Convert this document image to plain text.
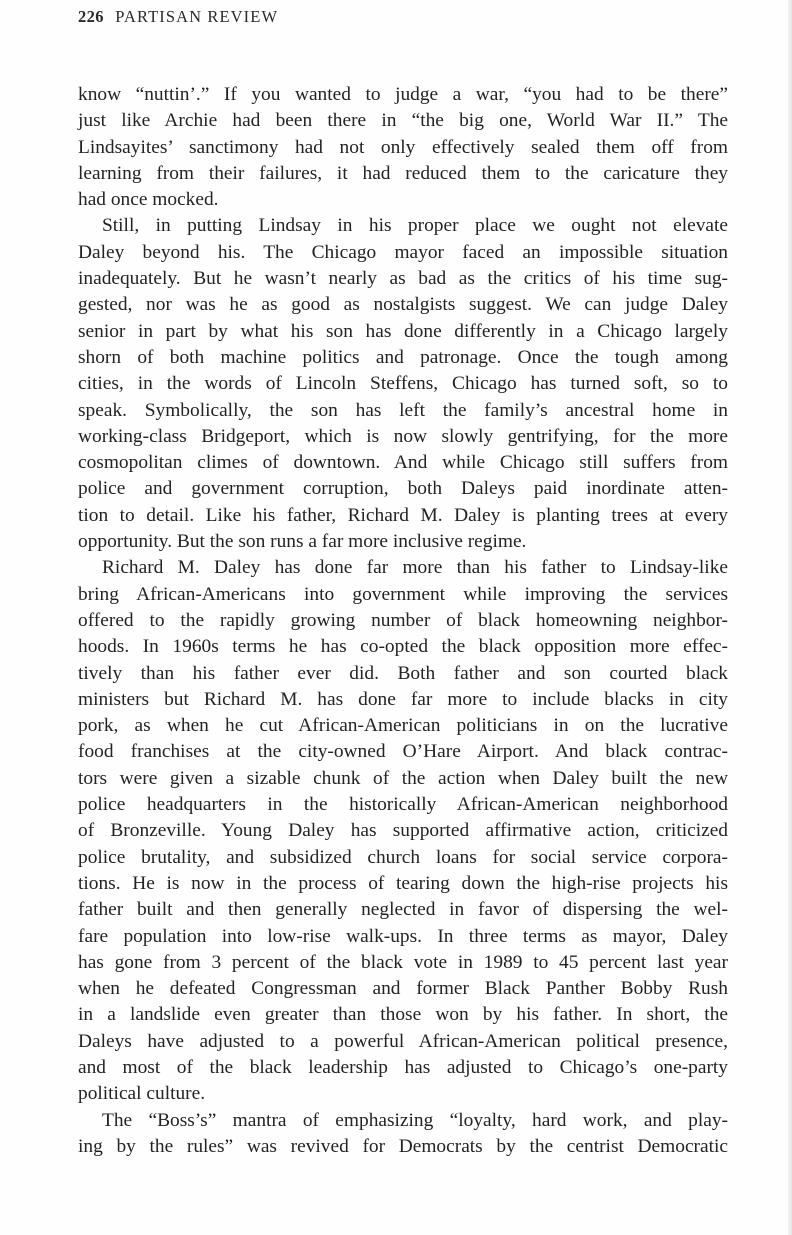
226 PARTISAN REVIEW
know “nuttin’.” If you wanted to judge a war, “you had to be there”
just like Archie had been there in “the big one, World War II.” The
Lindsayites’ sanctimony had not only effectively sealed them off from
learning from their failures, it had reduced them to the caricature they
had once mocked.
Still, in putting Lindsay in his proper place we ought not elevate
Daley beyond his. The Chicago mayor faced an impossible situation
inadequately. But he wasn’t nearly as bad as the critics of his time sug-
gested, nor was he as good as nostalgists suggest. We can judge Daley
senior in part by what his son has done differently in a Chicago largely
shorn of both machine politics and patronage. Once the tough among
cities, in the words of Lincoln Steffens, Chicago has turned soft, so to
speak. Symbolically, the son has left the family’s ancestral home in
working-class Bridgeport, which is now slowly gentrifying, for the more
cosmopolitan climes of downtown. And while Chicago still suffers from
police and government corruption, both Daleys paid inordinate atten-
tion to detail. Like his father, Richard M. Daley is planting trees at every
opportunity. But the son runs a far more inclusive regime.
Richard M. Daley has done far more than his father to Lindsay-like
bring African-Americans into government while improving the services
offered to the rapidly growing number of black homeowning neighbor-
hoods. In 1960s terms he has co-opted the black opposition more effec-
tively than his father ever did. Both father and son courted black
ministers but Richard M. has done far more to include blacks in city
pork, as when he cut African-American politicians in on the lucrative
food franchises at the city-owned O’Hare Airport. And black contrac-
tors were given a sizable chunk of the action when Daley built the new
police headquarters in the historically African-American neighborhood
of Bronzeville. Young Daley has supported affirmative action, criticized
police brutality, and subsidized church loans for social service corpora-
tions. He is now in the process of tearing down the high-rise projects his
father built and then generally neglected in favor of dispersing the wel-
fare population into low-rise walk-ups. In three terms as mayor, Daley
has gone from 3 percent of the black vote in 1989 to 45 percent last year
when he defeated Congressman and former Black Panther Bobby Rush
in a landslide even greater than those won by his father. In short, the
Daleys have adjusted to a powerful African-American political presence,
and most of the black leadership has adjusted to Chicago’s one-party
political culture.
The “Boss’s” mantra of emphasizing “loyalty, hard work, and play-
ing by the rules” was revived for Democrats by the centrist Democratic
